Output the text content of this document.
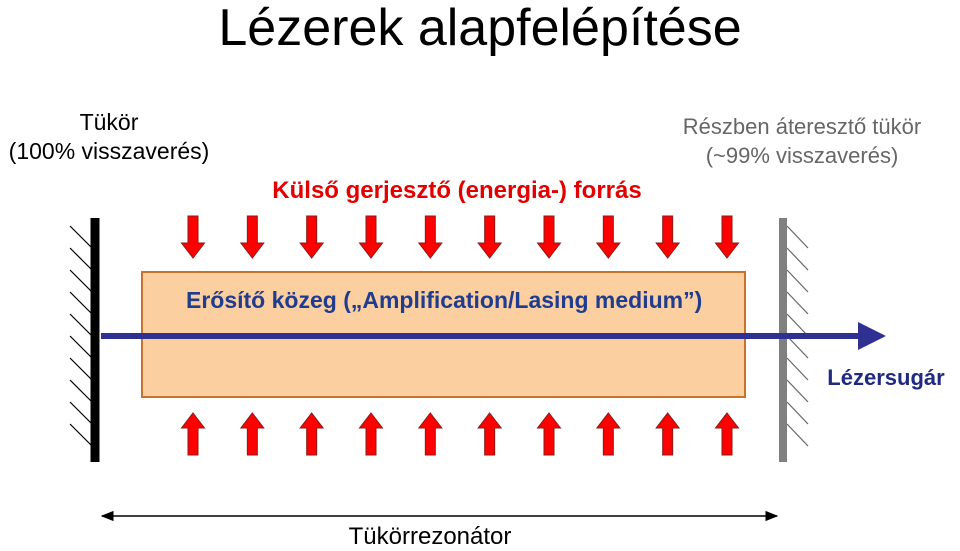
Lézerek alapfelépítése
Tükör
(100% visszaverés)
Részben áteresztő tükör
(~99% visszaverés)
Külső gerjesztő (energia-) forrás
Erősítő közeg („Amplification/Lasing medium”)
Lézersugár
Tükörrezonátor
